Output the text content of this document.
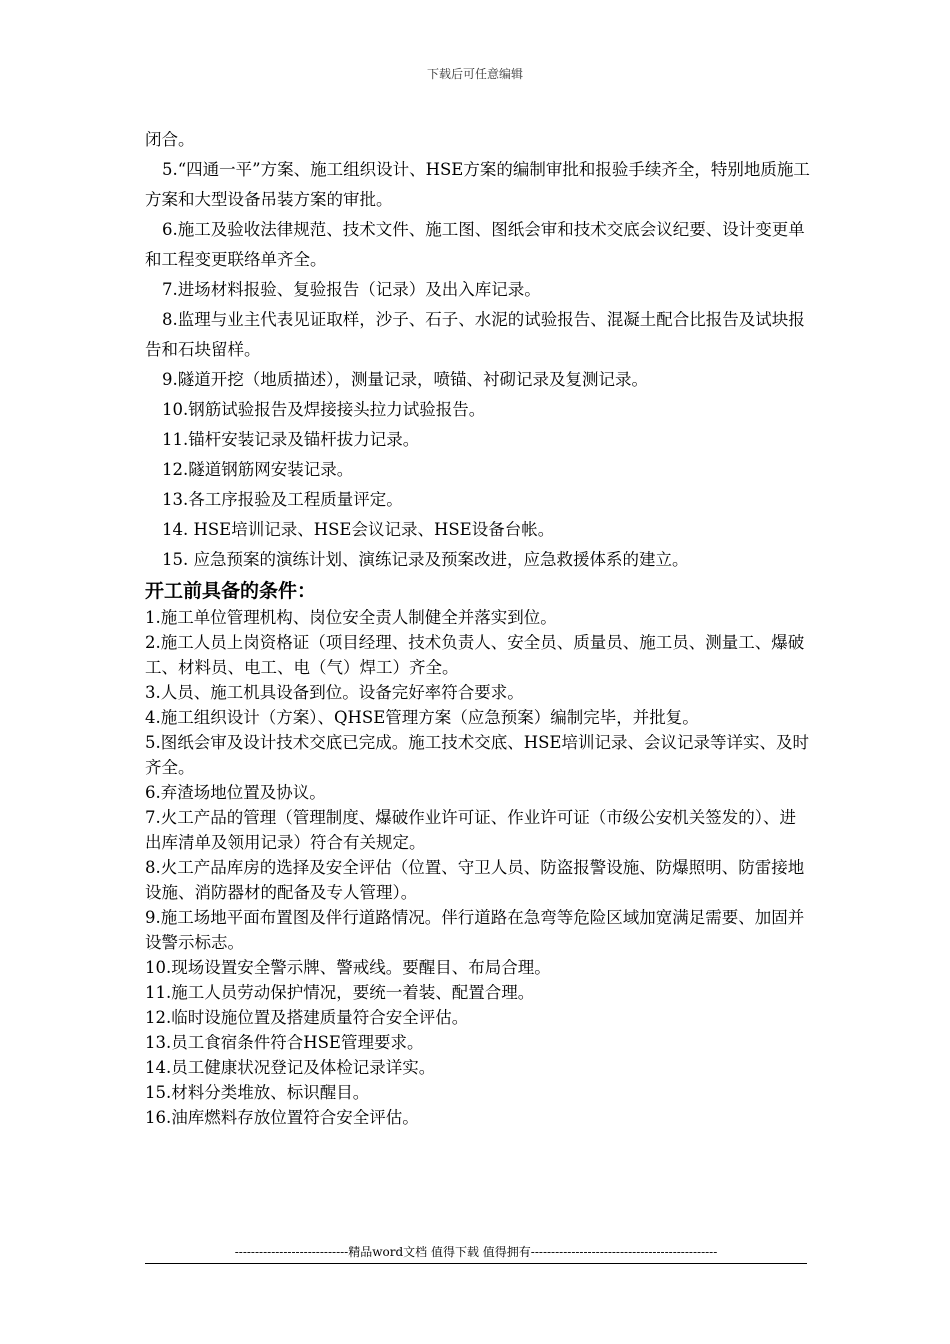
下载后可任意编辑

闭合。

5.“四通一平”方案、施工组织设计、HSE方案的编制审批和报验手续齐全，特别地质施工方案和大型设备吊装方案的审批。

6.施工及验收法律规范、技术文件、施工图、图纸会审和技术交底会议纪要、设计变更单和工程变更联络单齐全。

7.进场材料报验、复验报告（记录）及出入库记录。

8.监理与业主代表见证取样，沙子、石子、水泥的试验报告、混凝土配合比报告及试块报告和石块留样。

9.隧道开挖（地质描述），测量记录，喷锚、衬砌记录及复测记录。

10.钢筋试验报告及焊接接头拉力试验报告。

11.锚杆安装记录及锚杆拔力记录。

12.隧道钢筋网安装记录。

13.各工序报验及工程质量评定。

14. HSE培训记录、HSE会议记录、HSE设备台帐。

15. 应急预案的演练计划、演练记录及预案改进，应急救援体系的建立。

开工前具备的条件：

1.施工单位管理机构、岗位安全责人制健全并落实到位。

2.施工人员上岗资格证（项目经理、技术负责人、安全员、质量员、施工员、测量工、爆破工、材料员、电工、电（气）焊工）齐全。

3.人员、施工机具设备到位。设备完好率符合要求。

4.施工组织设计（方案）、QHSE管理方案（应急预案）编制完毕，并批复。

5.图纸会审及设计技术交底已完成。施工技术交底、HSE培训记录、会议记录等详实、及时齐全。

6.弃渣场地位置及协议。

7.火工产品的管理（管理制度、爆破作业许可证、作业许可证（市级公安机关签发的）、进出库清单及领用记录）符合有关规定。

8.火工产品库房的选择及安全评估（位置、守卫人员、防盗报警设施、防爆照明、防雷接地设施、消防器材的配备及专人管理）。

9.施工场地平面布置图及伴行道路情况。伴行道路在急弯等危险区域加宽满足需要、加固并设警示标志。

10.现场设置安全警示牌、警戒线。要醒目、布局合理。

11.施工人员劳动保护情况，要统一着装、配置合理。

12.临时设施位置及搭建质量符合安全评估。

13.员工食宿条件符合HSE管理要求。

14.员工健康状况登记及体检记录详实。

15.材料分类堆放、标识醒目。

16.油库燃料存放位置符合安全评估。

----------------------------精品word文档 值得下载 值得拥有----------------------------------------------
